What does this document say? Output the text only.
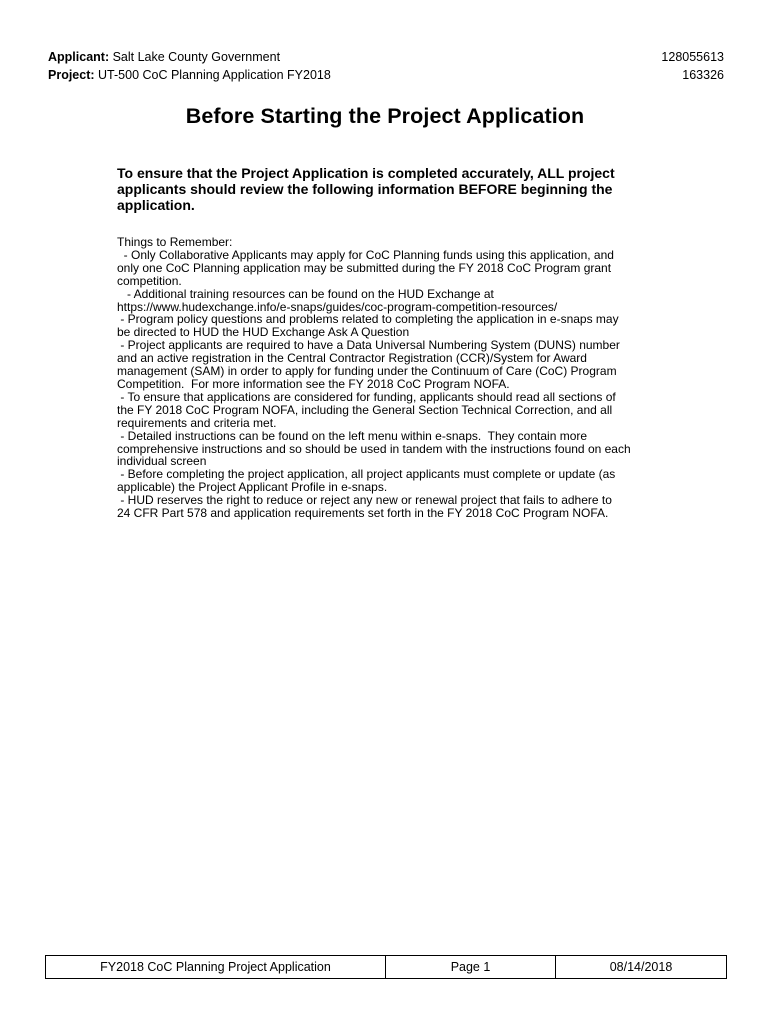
Applicant: Salt Lake County Government	128055613
Project: UT-500 CoC Planning Application FY2018	163326
Before Starting the Project Application
To ensure that the Project Application is completed accurately, ALL project applicants should review the following information BEFORE beginning the application.
Things to Remember:
- Only Collaborative Applicants may apply for CoC Planning funds using this application, and
only one CoC Planning application may be submitted during the FY 2018 CoC Program grant
competition.
- Additional training resources can be found on the HUD Exchange at
https://www.hudexchange.info/e-snaps/guides/coc-program-competition-resources/
- Program policy questions and problems related to completing the application in e-snaps may
be directed to HUD the HUD Exchange Ask A Question
- Project applicants are required to have a Data Universal Numbering System (DUNS) number
and an active registration in the Central Contractor Registration (CCR)/System for Award
management (SAM) in order to apply for funding under the Continuum of Care (CoC) Program
Competition.  For more information see the FY 2018 CoC Program NOFA.
- To ensure that applications are considered for funding, applicants should read all sections of
the FY 2018 CoC Program NOFA, including the General Section Technical Correction, and all
requirements and criteria met.
- Detailed instructions can be found on the left menu within e-snaps.  They contain more
comprehensive instructions and so should be used in tandem with the instructions found on each
individual screen
- Before completing the project application, all project applicants must complete or update (as
applicable) the Project Applicant Profile in e-snaps.
- HUD reserves the right to reduce or reject any new or renewal project that fails to adhere to
24 CFR Part 578 and application requirements set forth in the FY 2018 CoC Program NOFA.
FY2018 CoC Planning Project Application	Page 1	08/14/2018
